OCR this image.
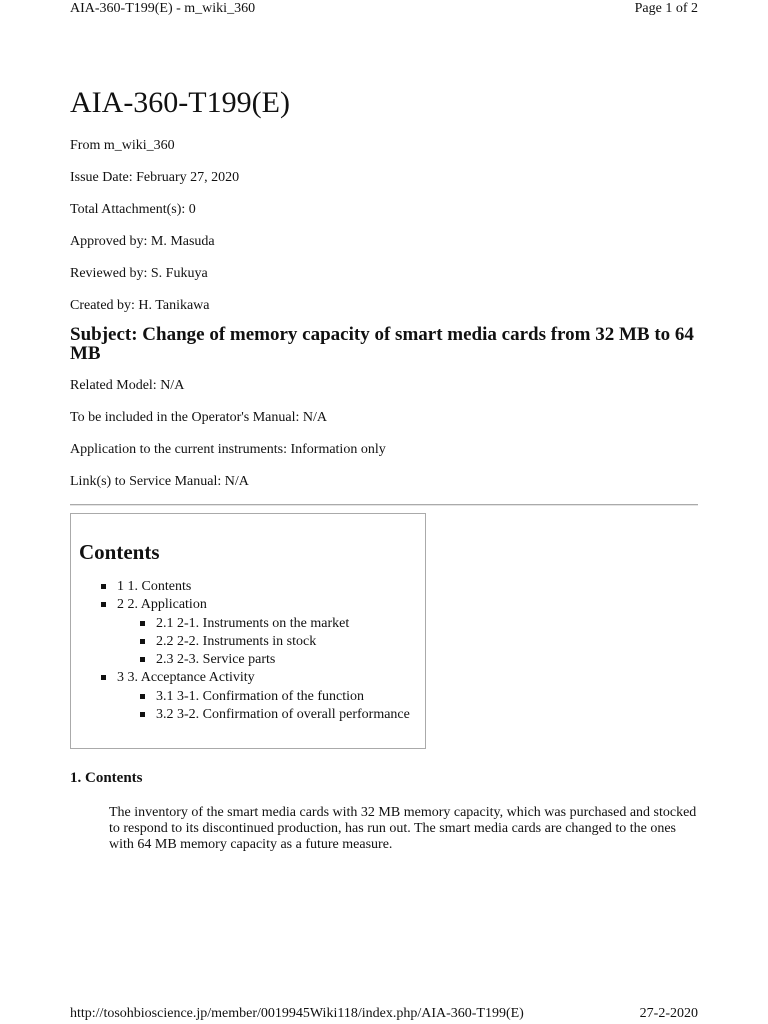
AIA-360-T199(E) - m_wiki_360	Page 1 of 2
AIA-360-T199(E)

From m_wiki_360

Issue Date: February 27, 2020

Total Attachment(s): 0

Approved by: M. Masuda

Reviewed by: S. Fukuya

Created by: H. Tanikawa

Subject: Change of memory capacity of smart media cards from 32 MB to 64 MB

Related Model: N/A

To be included in the Operator's Manual: N/A

Application to the current instruments: Information only

Link(s) to Service Manual: N/A

Contents
1 1. Contents
2 2. Application
2.1 2-1. Instruments on the market
2.2 2-2. Instruments in stock
2.3 2-3. Service parts
3 3. Acceptance Activity
3.1 3-1. Confirmation of the function
3.2 3-2. Confirmation of overall performance
1. Contents

The inventory of the smart media cards with 32 MB memory capacity, which was purchased and stocked to respond to its discontinued production, has run out. The smart media cards are changed to the ones with 64 MB memory capacity as a future measure.

http://tosohbioscience.jp/member/0019945Wiki118/index.php/AIA-360-T199(E)	27-2-2020
